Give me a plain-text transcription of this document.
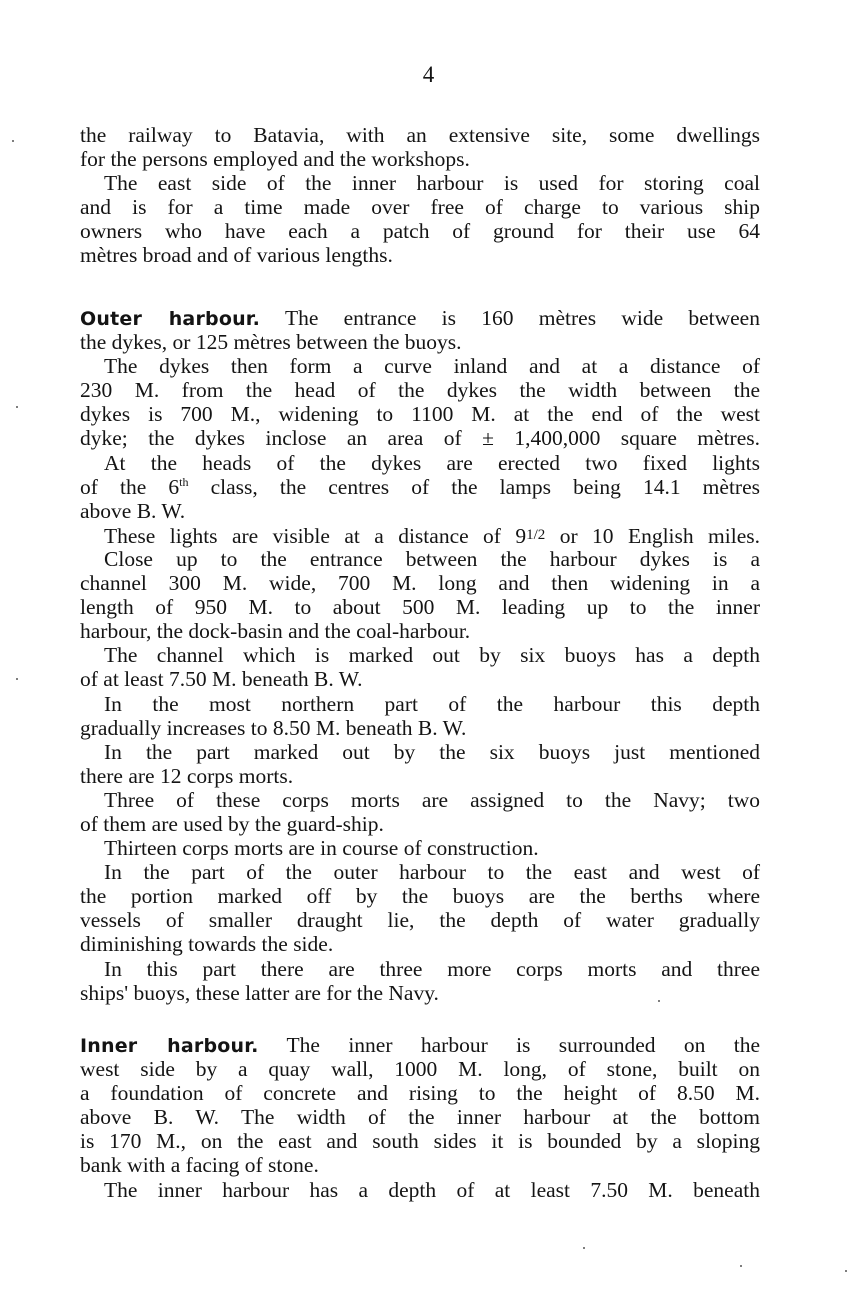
4
the railway to Batavia, with an extensive site, some dwellings
for the persons employed and the workshops.
The east side of the inner harbour is used for storing coal
and is for a time made over free of charge to various ship
owners who have each a patch of ground for their use 64
mètres broad and of various lengths.
Outer harbour. The entrance is 160 mètres wide between
the dykes, or 125 mètres between the buoys.
The dykes then form a curve inland and at a distance of
230 M. from the head of the dykes the width between the
dykes is 700 M., widening to 1100 M. at the end of the west
dyke; the dykes inclose an area of ± 1,400,000 square mètres.
At the heads of the dykes are erected two fixed lights
of the 6th class, the centres of the lamps being 14.1 mètres
above B. W.
These lights are visible at a distance of 91/2 or 10 English miles.
Close up to the entrance between the harbour dykes is a
channel 300 M. wide, 700 M. long and then widening in a
length of 950 M. to about 500 M. leading up to the inner
harbour, the dock-basin and the coal-harbour.
The channel which is marked out by six buoys has a depth
of at least 7.50 M. beneath B. W.
In the most northern part of the harbour this depth
gradually increases to 8.50 M. beneath B. W.
In the part marked out by the six buoys just mentioned
there are 12 corps morts.
Three of these corps morts are assigned to the Navy; two
of them are used by the guard-ship.
Thirteen corps morts are in course of construction.
In the part of the outer harbour to the east and west of
the portion marked off by the buoys are the berths where
vessels of smaller draught lie, the depth of water gradually
diminishing towards the side.
In this part there are three more corps morts and three
ships' buoys, these latter are for the Navy.
Inner harbour. The inner harbour is surrounded on the
west side by a quay wall, 1000 M. long, of stone, built on
a foundation of concrete and rising to the height of 8.50 M.
above B. W. The width of the inner harbour at the bottom
is 170 M., on the east and south sides it is bounded by a sloping
bank with a facing of stone.
The inner harbour has a depth of at least 7.50 M. beneath
